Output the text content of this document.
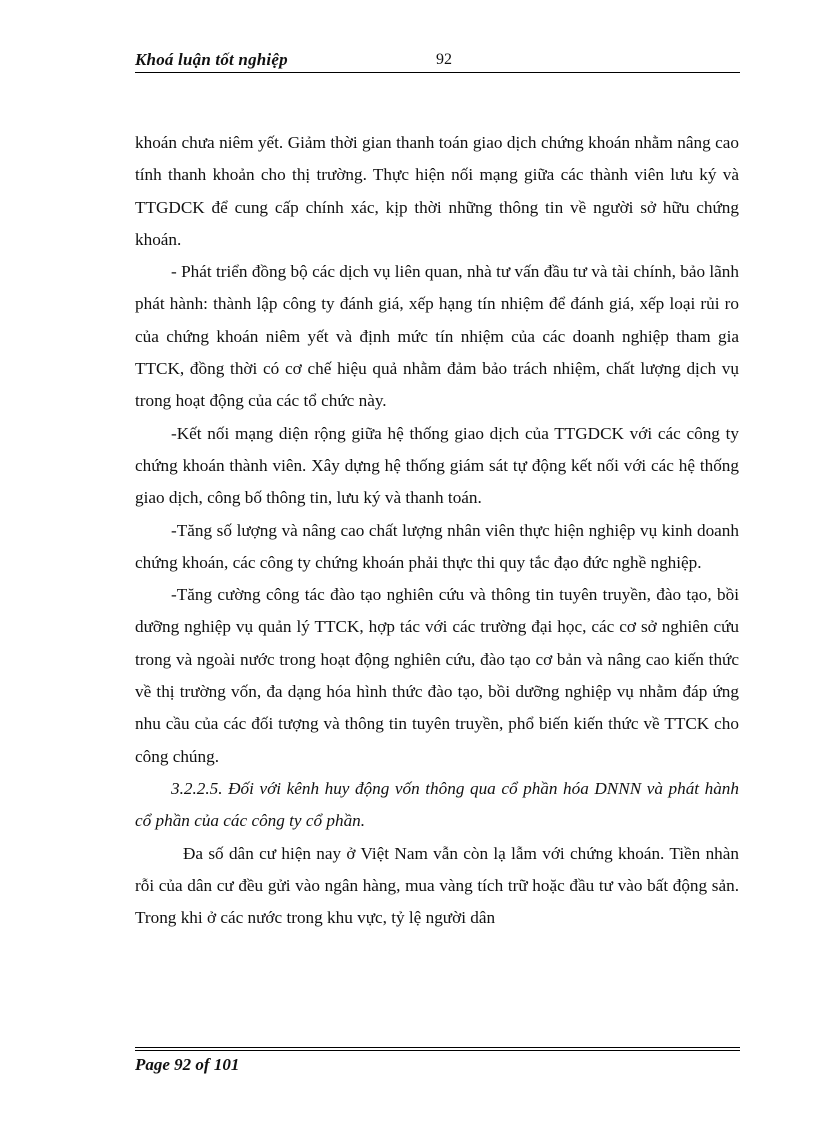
Khoá luận tốt nghiệp	92

khoán chưa niêm yết. Giảm thời gian thanh toán giao dịch chứng khoán nhằm nâng cao tính thanh khoản cho thị trường. Thực hiện nối mạng giữa các thành viên lưu ký và TTGDCK để cung cấp chính xác, kịp thời những thông tin về người sở hữu chứng khoán.

- Phát triển đồng bộ các dịch vụ liên quan, nhà tư vấn đầu tư và tài chính, bảo lãnh phát hành: thành lập công ty đánh giá, xếp hạng tín nhiệm để đánh giá, xếp loại rủi ro của chứng khoán niêm yết và định mức tín nhiệm của các doanh nghiệp tham gia TTCK, đồng thời có cơ chế hiệu quả nhằm đảm bảo trách nhiệm, chất lượng dịch vụ trong hoạt động của các tổ chức này.

-Kết nối mạng diện rộng giữa hệ thống giao dịch của TTGDCK với các công ty chứng khoán thành viên. Xây dựng hệ thống giám sát tự động kết nối với các hệ thống giao dịch, công bố thông tin, lưu ký và thanh toán.

-Tăng số lượng và nâng cao chất lượng nhân viên thực hiện nghiệp vụ kinh doanh chứng khoán, các công ty chứng khoán phải thực thi quy tắc đạo đức nghề nghiệp.

-Tăng cường công tác đào tạo nghiên cứu và thông tin tuyên truyền, đào tạo, bồi dưỡng nghiệp vụ quản lý TTCK, hợp tác với các trường đại học, các cơ sở nghiên cứu trong và ngoài nước trong hoạt động nghiên cứu, đào tạo cơ bản và nâng cao kiến thức về thị trường vốn, đa dạng hóa hình thức đào tạo, bồi dưỡng nghiệp vụ nhằm đáp ứng nhu cầu của các đối tượng và thông tin tuyên truyền, phổ biến kiến thức về TTCK cho công chúng.

3.2.2.5. Đối với kênh huy động vốn thông qua cổ phần hóa DNNN và phát hành cổ phần của các công ty cổ phần.

Đa số dân cư hiện nay ở Việt Nam vẫn còn lạ lẫm với chứng khoán. Tiền nhàn rỗi của dân cư đều gửi vào ngân hàng, mua vàng tích trữ hoặc đầu tư vào bất động sản. Trong khi ở các nước trong khu vực, tỷ lệ người dân

Page 92 of 101
